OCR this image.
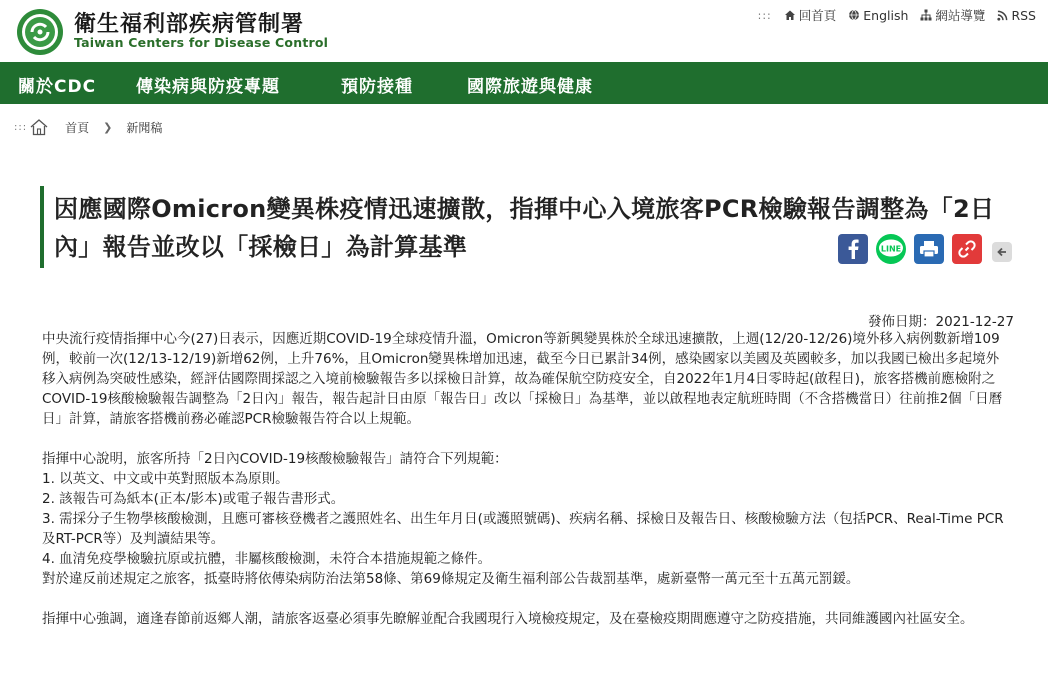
衛生福利部疾病管制署
Taiwan Centers for Disease Control
::: 回首頁 English 網站導覽 RSS
關於CDC 傳染病與防疫專題	預防接種	國際旅遊與健康
:::	首頁 ❯ 新聞稿
因應國際Omicron變異株疫情迅速擴散，指揮中心入境旅客PCR檢驗報告調整為「2日內」報告並改以「採檢日」為計算基準	LINE
發佈日期：2021-12-27

中央流行疫情指揮中心今(27)日表示，因應近期COVID-19全球疫情升溫，Omicron等新興變異株於全球迅速擴散，上週(12/20-12/26)境外移入病例數新增109例，較前一次(12/13-12/19)新增62例，上升76%，且Omicron變異株增加迅速，截至今日已累計34例，感染國家以美國及英國較多，加以我國已檢出多起境外移入病例為突破性感染，經評估國際間採認之入境前檢驗報告多以採檢日計算，故為確保航空防疫安全，自2022年1月4日零時起(啟程日)，旅客搭機前應檢附之COVID-19核酸檢驗報告調整為「2日內」報告，報告起計日由原「報告日」改以「採檢日」為基準，並以啟程地表定航班時間（不含搭機當日）往前推2個「日曆日」計算，請旅客搭機前務必確認PCR檢驗報告符合以上規範。

指揮中心說明，旅客所持「2日內COVID-19核酸檢驗報告」請符合下列規範：

1. 以英文、中文或中英對照版本為原則。

2. 該報告可為紙本(正本/影本)或電子報告書形式。

3. 需採分子生物學核酸檢測，且應可審核登機者之護照姓名、出生年月日(或護照號碼)、疾病名稱、採檢日及報告日、核酸檢驗方法（包括PCR、Real-Time PCR及RT-PCR等）及判讀結果等。

4. 血清免疫學檢驗抗原或抗體，非屬核酸檢測，未符合本措施規範之條件。

對於違反前述規定之旅客，抵臺時將依傳染病防治法第58條、第69條規定及衛生福利部公告裁罰基準，處新臺幣一萬元至十五萬元罰鍰。

指揮中心強調，適逢春節前返鄉人潮，請旅客返臺必須事先瞭解並配合我國現行入境檢疫規定，及在臺檢疫期間應遵守之防疫措施，共同維護國內社區安全。
